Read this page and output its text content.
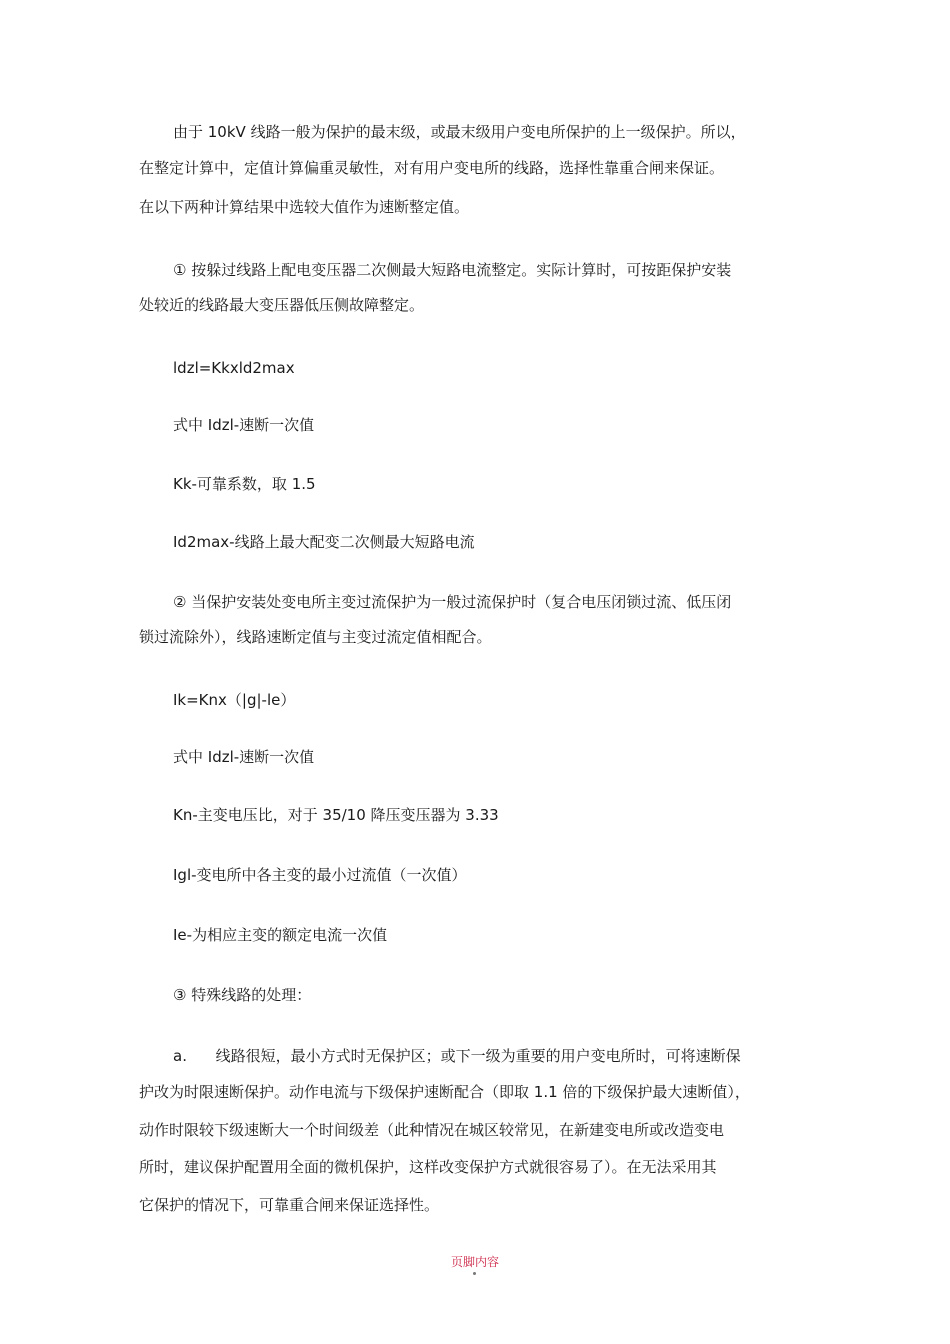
由于 10kV 线路一般为保护的最末级，或最末级用户变电所保护的上一级保护。所以，

在整定计算中，定值计算偏重灵敏性，对有用户变电所的线路，选择性靠重合闸来保证。

在以下两种计算结果中选较大值作为速断整定值。

① 按躲过线路上配电变压器二次侧最大短路电流整定。实际计算时，可按距保护安装

处较近的线路最大变压器低压侧故障整定。

ldzl=Kkxld2max

式中 Idzl-速断一次值

Kk-可靠系数，取 1.5

Id2max-线路上最大配变二次侧最大短路电流

② 当保护安装处变电所主变过流保护为一般过流保护时（复合电压闭锁过流、低压闭

锁过流除外），线路速断定值与主变过流定值相配合。

Ik=Knx（|g|-le）

式中 Idzl-速断一次值

Kn-主变电压比，对于 35/10 降压变压器为 3.33

Igl-变电所中各主变的最小过流值（一次值）

Ie-为相应主变的额定电流一次值

③ 特殊线路的处理：

a.      线路很短，最小方式时无保护区；或下一级为重要的用户变电所时，可将速断保

护改为时限速断保护。动作电流与下级保护速断配合（即取 1.1 倍的下级保护最大速断值），

动作时限较下级速断大一个时间级差（此种情况在城区较常见，在新建变电所或改造变电

所时，建议保护配置用全面的微机保护，这样改变保护方式就很容易了）。在无法采用其

它保护的情况下，可靠重合闸来保证选择性。

页脚内容
